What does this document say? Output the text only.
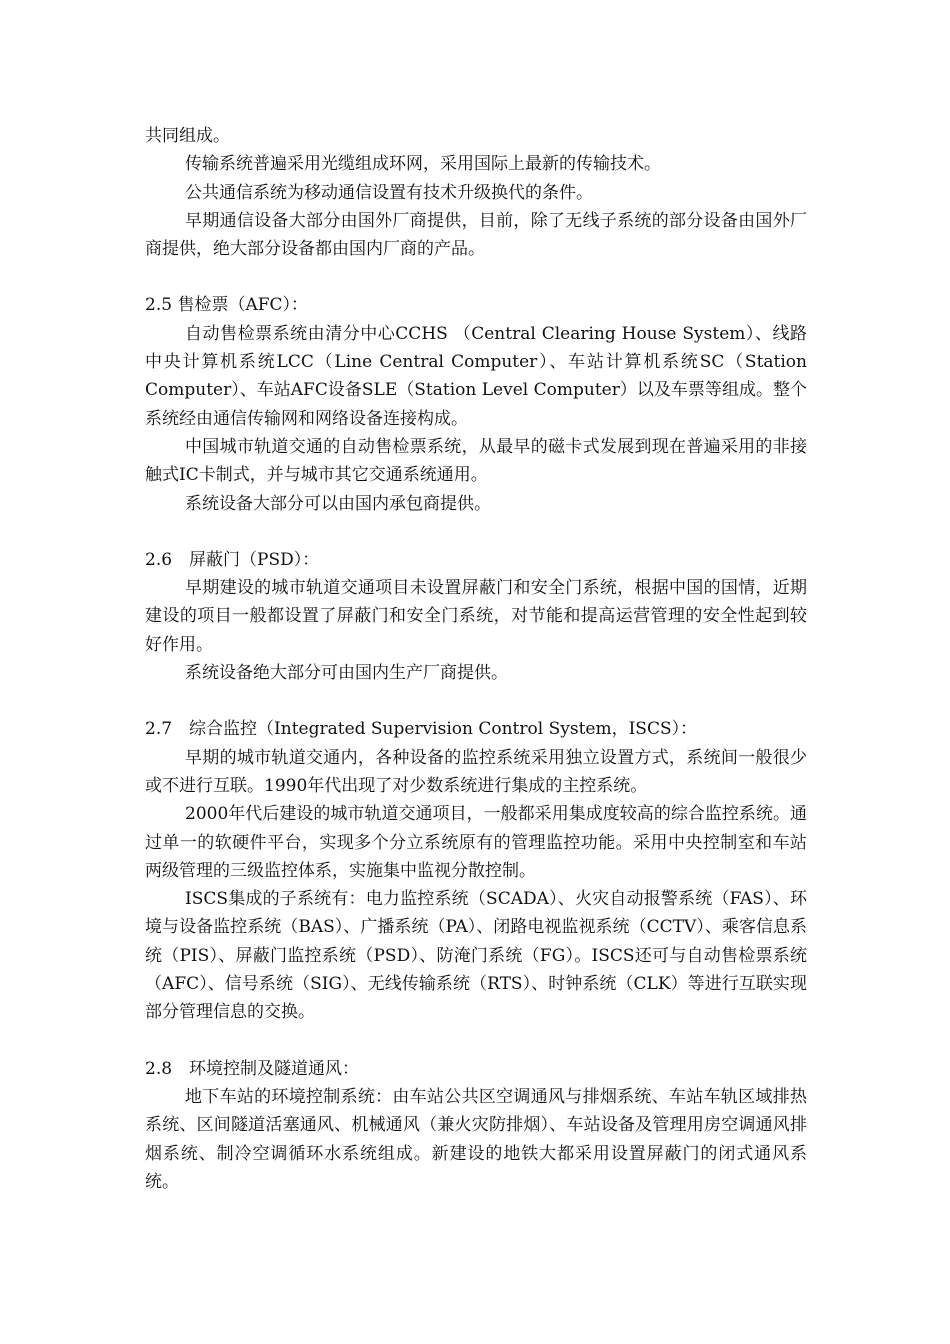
共同组成。

传输系统普遍采用光缆组成环网，采用国际上最新的传输技术。

公共通信系统为移动通信设置有技术升级换代的条件。

早期通信设备大部分由国外厂商提供，目前，除了无线子系统的部分设备由国外厂商提供，绝大部分设备都由国内厂商的产品。

2.5 售检票（AFC）：

自动售检票系统由清分中心CCHS （Central Clearing House System）、线路中央计算机系统LCC（Line Central Computer）、车站计算机系统SC（Station Computer）、车站AFC设备SLE（Station Level Computer）以及车票等组成。整个系统经由通信传输网和网络设备连接构成。

中国城市轨道交通的自动售检票系统，从最早的磁卡式发展到现在普遍采用的非接触式IC卡制式，并与城市其它交通系统通用。

系统设备大部分可以由国内承包商提供。

2.6　屏蔽门（PSD）：

早期建设的城市轨道交通项目未设置屏蔽门和安全门系统，根据中国的国情，近期建设的项目一般都设置了屏蔽门和安全门系统，对节能和提高运营管理的安全性起到较好作用。

系统设备绝大部分可由国内生产厂商提供。

2.7　综合监控（Integrated Supervision Control System，ISCS）：

早期的城市轨道交通内，各种设备的监控系统采用独立设置方式，系统间一般很少或不进行互联。1990年代出现了对少数系统进行集成的主控系统。

2000年代后建设的城市轨道交通项目，一般都采用集成度较高的综合监控系统。通过单一的软硬件平台，实现多个分立系统原有的管理监控功能。采用中央控制室和车站两级管理的三级监控体系，实施集中监视分散控制。

ISCS集成的子系统有：电力监控系统（SCADA）、火灾自动报警系统（FAS）、环境与设备监控系统（BAS）、广播系统（PA）、闭路电视监视系统（CCTV）、乘客信息系统（PIS）、屏蔽门监控系统（PSD）、防淹门系统（FG）。ISCS还可与自动售检票系统（AFC）、信号系统（SIG）、无线传输系统（RTS）、时钟系统（CLK）等进行互联实现部分管理信息的交换。

2.8　环境控制及隧道通风：

地下车站的环境控制系统：由车站公共区空调通风与排烟系统、车站车轨区域排热系统、区间隧道活塞通风、机械通风（兼火灾防排烟）、车站设备及管理用房空调通风排烟系统、制冷空调循环水系统组成。新建设的地铁大都采用设置屏蔽门的闭式通风系统。
